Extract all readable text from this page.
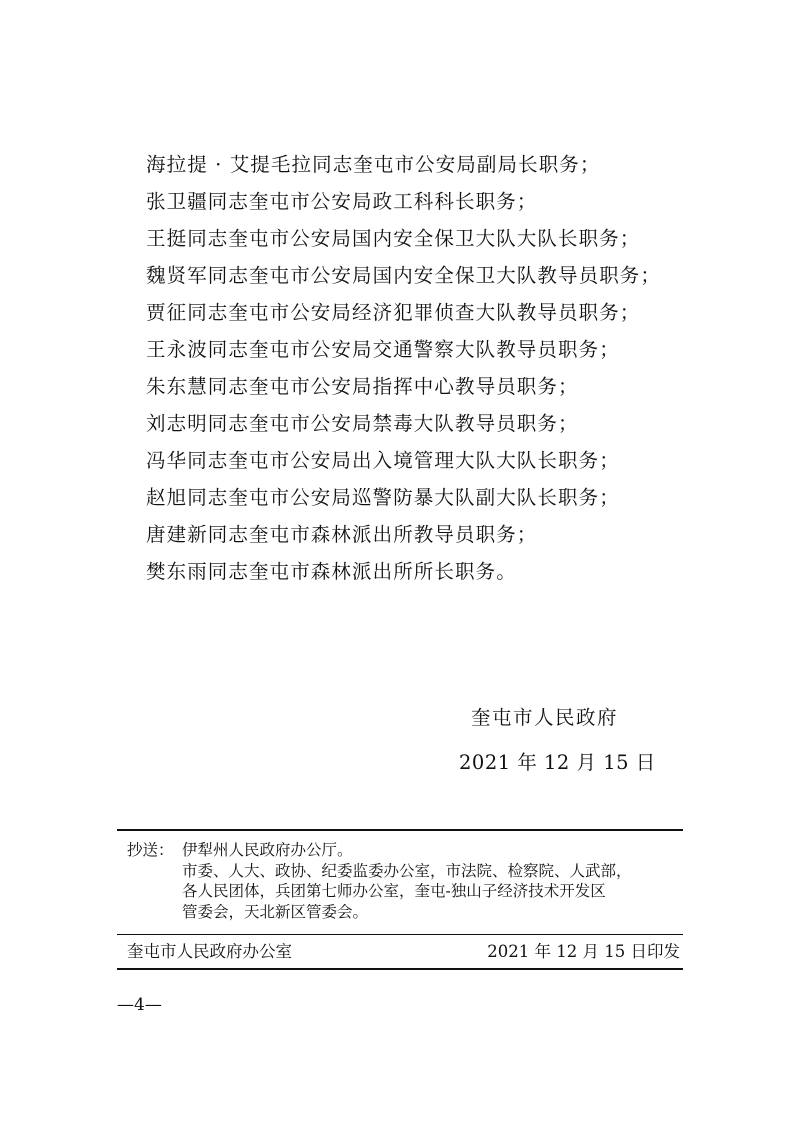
海拉提 · 艾提毛拉同志奎屯市公安局副局长职务；
张卫疆同志奎屯市公安局政工科科长职务；
王挺同志奎屯市公安局国内安全保卫大队大队长职务；
魏贤军同志奎屯市公安局国内安全保卫大队教导员职务；
贾征同志奎屯市公安局经济犯罪侦查大队教导员职务；
王永波同志奎屯市公安局交通警察大队教导员职务；
朱东慧同志奎屯市公安局指挥中心教导员职务；
刘志明同志奎屯市公安局禁毒大队教导员职务；
冯华同志奎屯市公安局出入境管理大队大队长职务；
赵旭同志奎屯市公安局巡警防暴大队副大队长职务；
唐建新同志奎屯市森林派出所教导员职务；
樊东雨同志奎屯市森林派出所所长职务。
奎屯市人民政府
2021 年 12 月 15 日
抄送： 伊犁州人民政府办公厅。
市委、人大、政协、纪委监委办公室，市法院、检察院、人武部，
各人民团体，兵团第七师办公室，奎屯-独山子经济技术开发区
管委会，天北新区管委会。
奎屯市人民政府办公室	2021 年 12 月 15 日印发
—4—
